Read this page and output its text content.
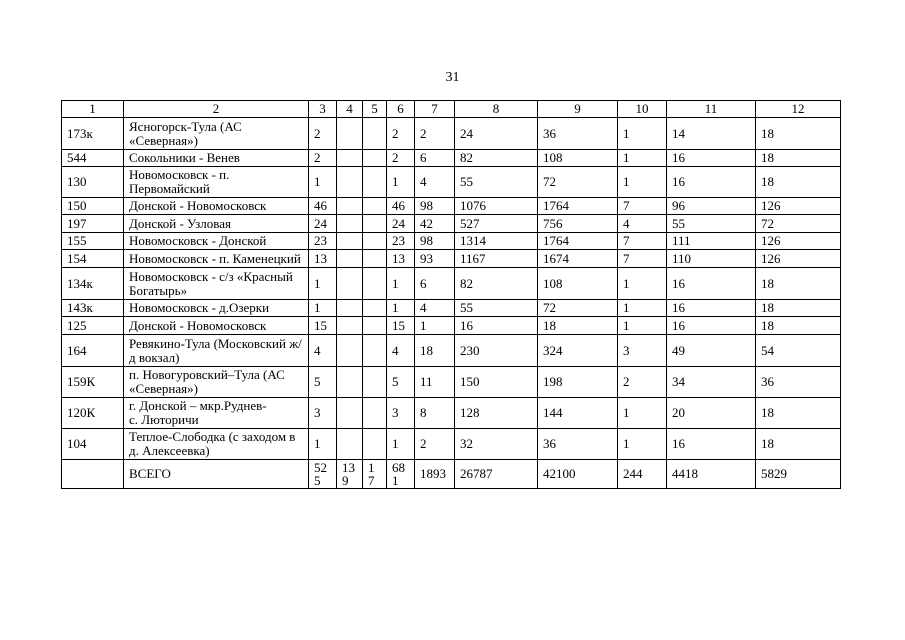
31
1	2	3	4	5	6	7	8	9	10	11	12
173к	Ясногорск-Тула (АС «Северная»)	2			2	2	24	36	1	14	18
544	Сокольники - Венев	2			2	6	82	108	1	16	18
130	Новомосковск - п. Первомайский	1			1	4	55	72	1	16	18
150	Донской - Новомосковск	46			46	98	1076	1764	7	96	126
197	Донской - Узловая	24			24	42	527	756	4	55	72
155	Новомосковск - Донской	23			23	98	1314	1764	7	111	126
154	Новомосковск - п. Каменецкий	13			13	93	1167	1674	7	110	126
134к	Новомосковск - с/з «Красный Богатырь»	1			1	6	82	108	1	16	18
143к	Новомосковск - д.Озерки	1			1	4	55	72	1	16	18
125	Донской - Новомосковск	15			15	1	16	18	1	16	18
164	Ревякино-Тула (Московский ж/д вокзал)	4			4	18	230	324	3	49	54
159К	п. Новогуровский–Тула (АС «Северная»)	5			5	11	150	198	2	34	36
120К	г. Донской – мкр.Руднев-с. Люторичи	3			3	8	128	144	1	20	18
104	Теплое-Слободка (с заходом в д. Алексеевка)	1			1	2	32	36	1	16	18
	ВСЕГО	525	139	17	681	1893	26787	42100	244	4418	5829
